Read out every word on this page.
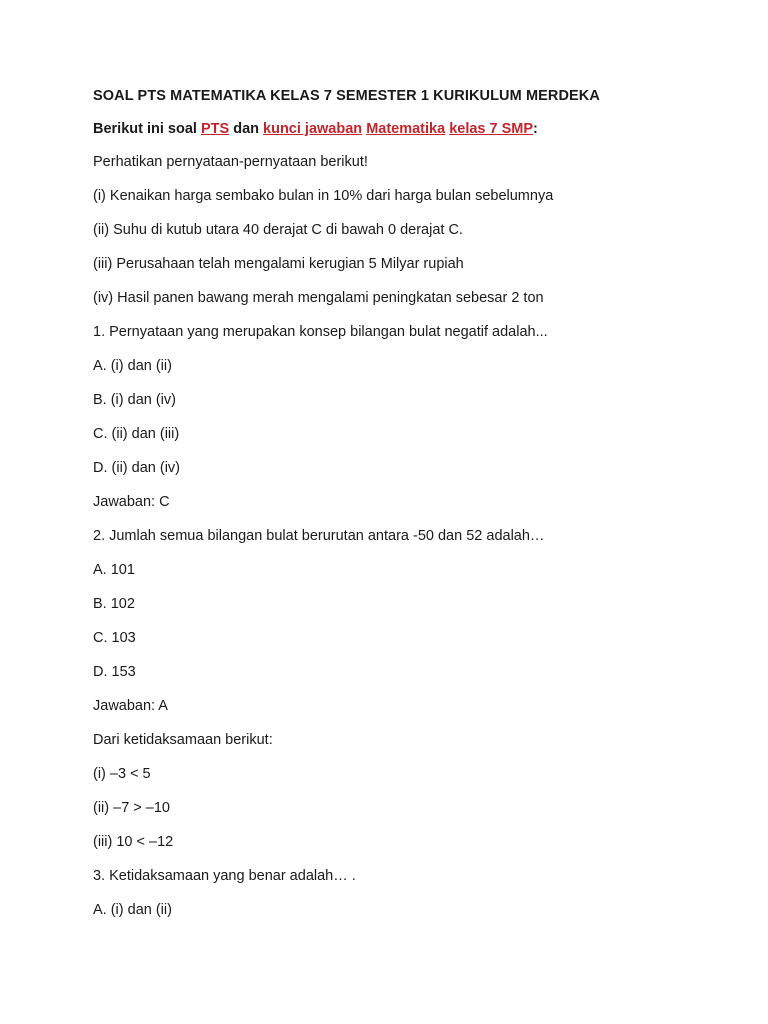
SOAL PTS MATEMATIKA KELAS 7 SEMESTER 1 KURIKULUM MERDEKA

Berikut ini soal PTS dan kunci jawaban Matematika kelas 7 SMP:

Perhatikan pernyataan-pernyataan berikut!

(i) Kenaikan harga sembako bulan in 10% dari harga bulan sebelumnya

(ii) Suhu di kutub utara 40 derajat C di bawah 0 derajat C.

(iii) Perusahaan telah mengalami kerugian 5 Milyar rupiah

(iv) Hasil panen bawang merah mengalami peningkatan sebesar 2 ton

1. Pernyataan yang merupakan konsep bilangan bulat negatif adalah...

A. (i) dan (ii)

B. (i) dan (iv)

C. (ii) dan (iii)

D. (ii) dan (iv)

Jawaban: C

2. Jumlah semua bilangan bulat berurutan antara -50 dan 52 adalah…

A. 101

B. 102

C. 103

D. 153

Jawaban: A

Dari ketidaksamaan berikut:

(i) –3 < 5

(ii) –7 > –10

(iii) 10 < –12

3. Ketidaksamaan yang benar adalah… .

A. (i) dan (ii)
